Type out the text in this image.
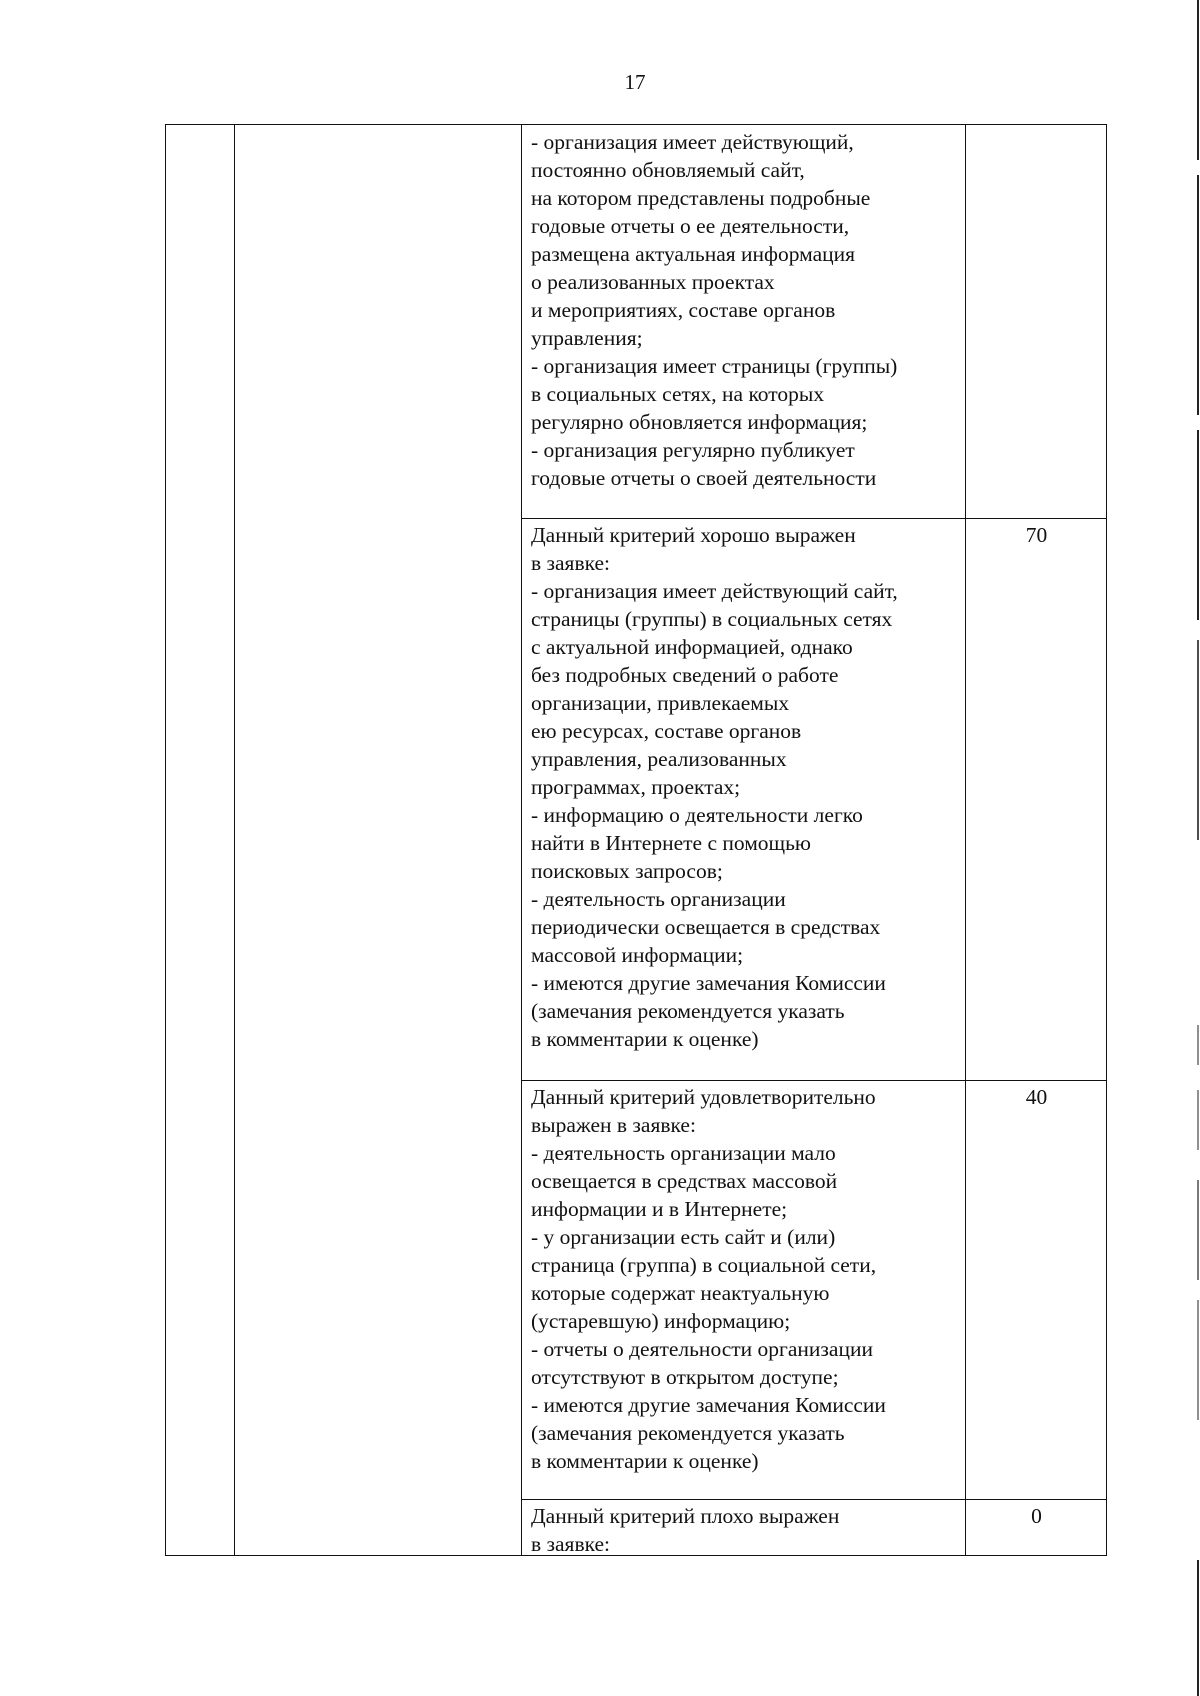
17
- организация имеет действующий,
постоянно обновляемый сайт,
на котором представлены подробные
годовые отчеты о ее деятельности,
размещена актуальная информация
о реализованных проектах
и мероприятиях, составе органов
управления;
- организация имеет страницы (группы)
в социальных сетях, на которых
регулярно обновляется информация;
- организация регулярно публикует
годовые отчеты о своей деятельности
Данный критерий хорошо выражен
в заявке:
- организация имеет действующий сайт,
страницы (группы) в социальных сетях
с актуальной информацией, однако
без подробных сведений о работе
организации, привлекаемых
ею ресурсах, составе органов
управления, реализованных
программах, проектах;
- информацию о деятельности легко
найти в Интернете с помощью
поисковых запросов;
- деятельность организации
периодически освещается в средствах
массовой информации;
- имеются другие замечания Комиссии
(замечания рекомендуется указать
в комментарии к оценке)
70
Данный критерий удовлетворительно
выражен в заявке:
- деятельность организации мало
освещается в средствах массовой
информации и в Интернете;
- у организации есть сайт и (или)
страница (группа) в социальной сети,
которые содержат неактуальную
(устаревшую) информацию;
- отчеты о деятельности организации
отсутствуют в открытом доступе;
- имеются другие замечания Комиссии
(замечания рекомендуется указать
в комментарии к оценке)
40
Данный критерий плохо выражен
в заявке:
0
